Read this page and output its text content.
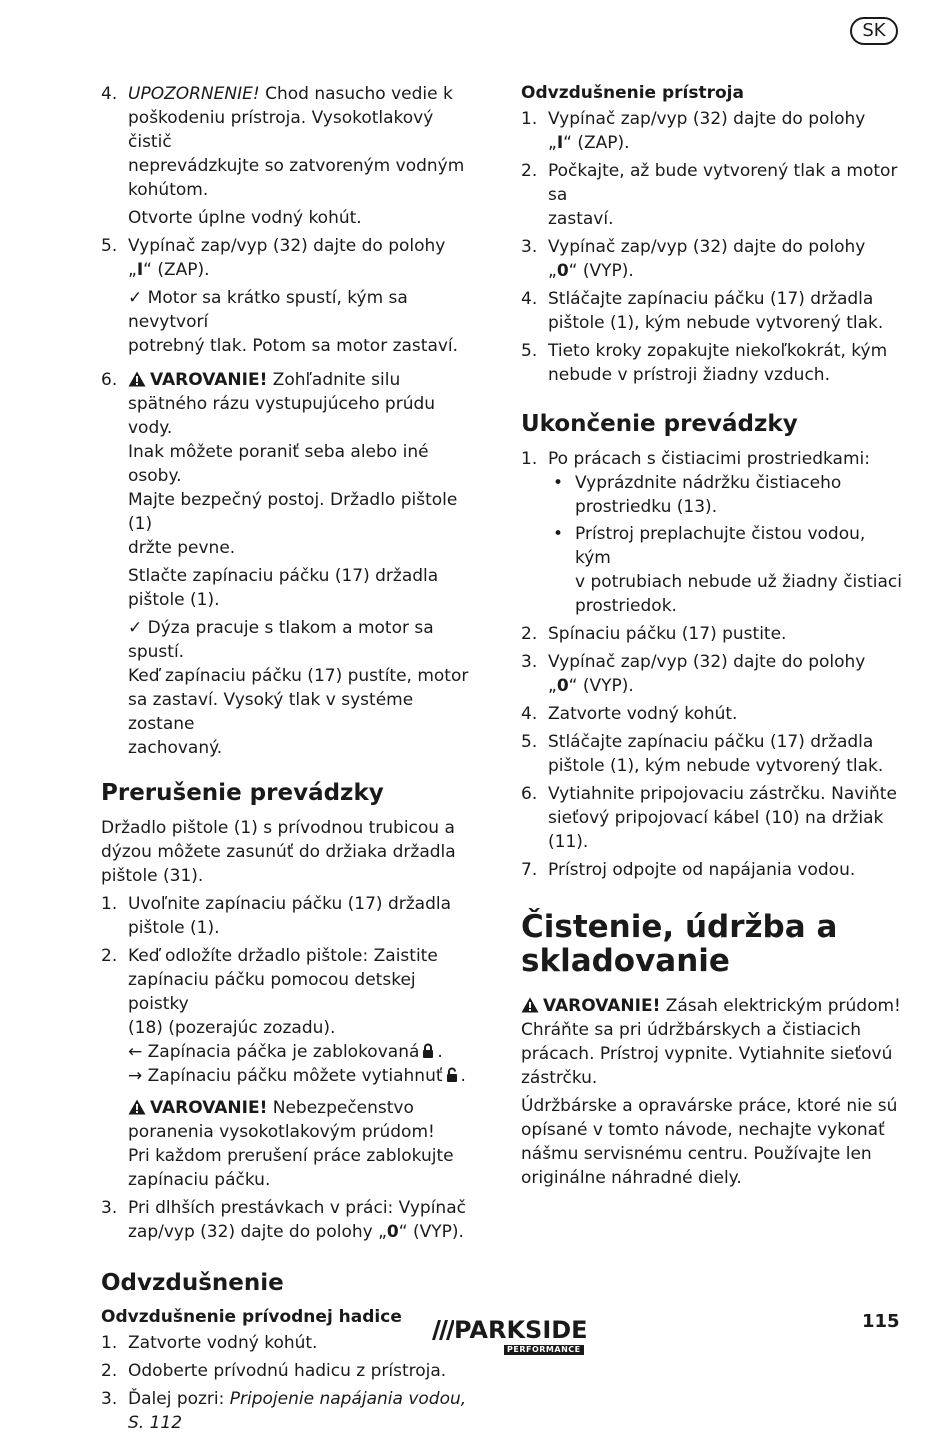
SK
4. UPOZORNENIE! Chod nasucho vedie k
poškodeniu prístroja. Vysokotlakový čistič
neprevádzkujte so zatvoreným vodným
kohútom.
Otvorte úplne vodný kohút.
5. Vypínač zap/vyp (32) dajte do polohy
„I“ (ZAP).
✓ Motor sa krátko spustí, kým sa nevytvorí
potrebný tlak. Potom sa motor zastaví.
6.	VAROVANIE! Zohľadnite silu
spätného rázu vystupujúceho prúdu vody.
Inak môžete poraniť seba alebo iné osoby.
Majte bezpečný postoj. Držadlo pištole (1)
držte pevne.
Stlačte zapínaciu páčku (17) držadla
pištole (1).
✓ Dýza pracuje s tlakom a motor sa spustí.
Keď zapínaciu páčku (17) pustíte, motor
sa zastaví. Vysoký tlak v systéme zostane
zachovaný.
Prerušenie prevádzky

Držadlo pištole (1) s prívodnou trubicou a
dýzou môžete zasunúť do držiaka držadla
pištole (31).

1. Uvoľnite zapínaciu páčku (17) držadla
pištole (1).
2. Keď odložíte držadlo pištole: Zaistite
zapínaciu páčku pomocou detskej poistky
(18) (pozerajúc zozadu).
← Zapínacia páčka je zablokovaná .
→ Zapínaciu páčku môžete vytiahnuť .
VAROVANIE! Nebezpečenstvo
poranenia vysokotlakovým prúdom!
Pri každom prerušení práce zablokujte
zapínaciu páčku.
3. Pri dlhších prestávkach v práci: Vypínač
zap/vyp (32) dajte do polohy „0“ (VYP).
Odvzdušnenie
Odvzdušnenie prívodnej hadice
1. Zatvorte vodný kohút.
2. Odoberte prívodnú hadicu z prístroja.
3. Ďalej pozri: Pripojenie napájania vodou,
S. 112
Odvzdušnenie prístroja
1. Vypínač zap/vyp (32) dajte do polohy
„I“ (ZAP).
2. Počkajte, až bude vytvorený tlak a motor sa
zastaví.
3. Vypínač zap/vyp (32) dajte do polohy
„0“ (VYP).
4. Stláčajte zapínaciu páčku (17) držadla
pištole (1), kým nebude vytvorený tlak.
5. Tieto kroky zopakujte niekoľkokrát, kým
nebude v prístroji žiadny vzduch.
Ukončenie prevádzky
1. Po prácach s čistiacimi prostriedkami:
• Vyprázdnite nádržku čistiaceho
prostriedku (13).
• Prístroj preplachujte čistou vodou, kým
v potrubiach nebude už žiadny čistiaci
prostriedok.
2. Spínaciu páčku (17) pustite.
3. Vypínač zap/vyp (32) dajte do polohy
„0“ (VYP).
4. Zatvorte vodný kohút.
5. Stláčajte zapínaciu páčku (17) držadla
pištole (1), kým nebude vytvorený tlak.
6. Vytiahnite pripojovaciu zástrčku. Naviňte
sieťový pripojovací kábel (10) na držiak
(11).
7. Prístroj odpojte od napájania vodou.
Čistenie, údržba a
skladovanie

VAROVANIE! Zásah elektrickým prúdom!
Chráňte sa pri údržbárskych a čistiacich
prácach. Prístroj vypnite. Vytiahnite sieťovú
zástrčku.

Údržbárske a opravárske práce, ktoré nie sú
opísané v tomto návode, nechajte vykonať
nášmu servisnému centru. Používajte len
originálne náhradné diely.

PARKSIDE
PERFORMANCE
115
